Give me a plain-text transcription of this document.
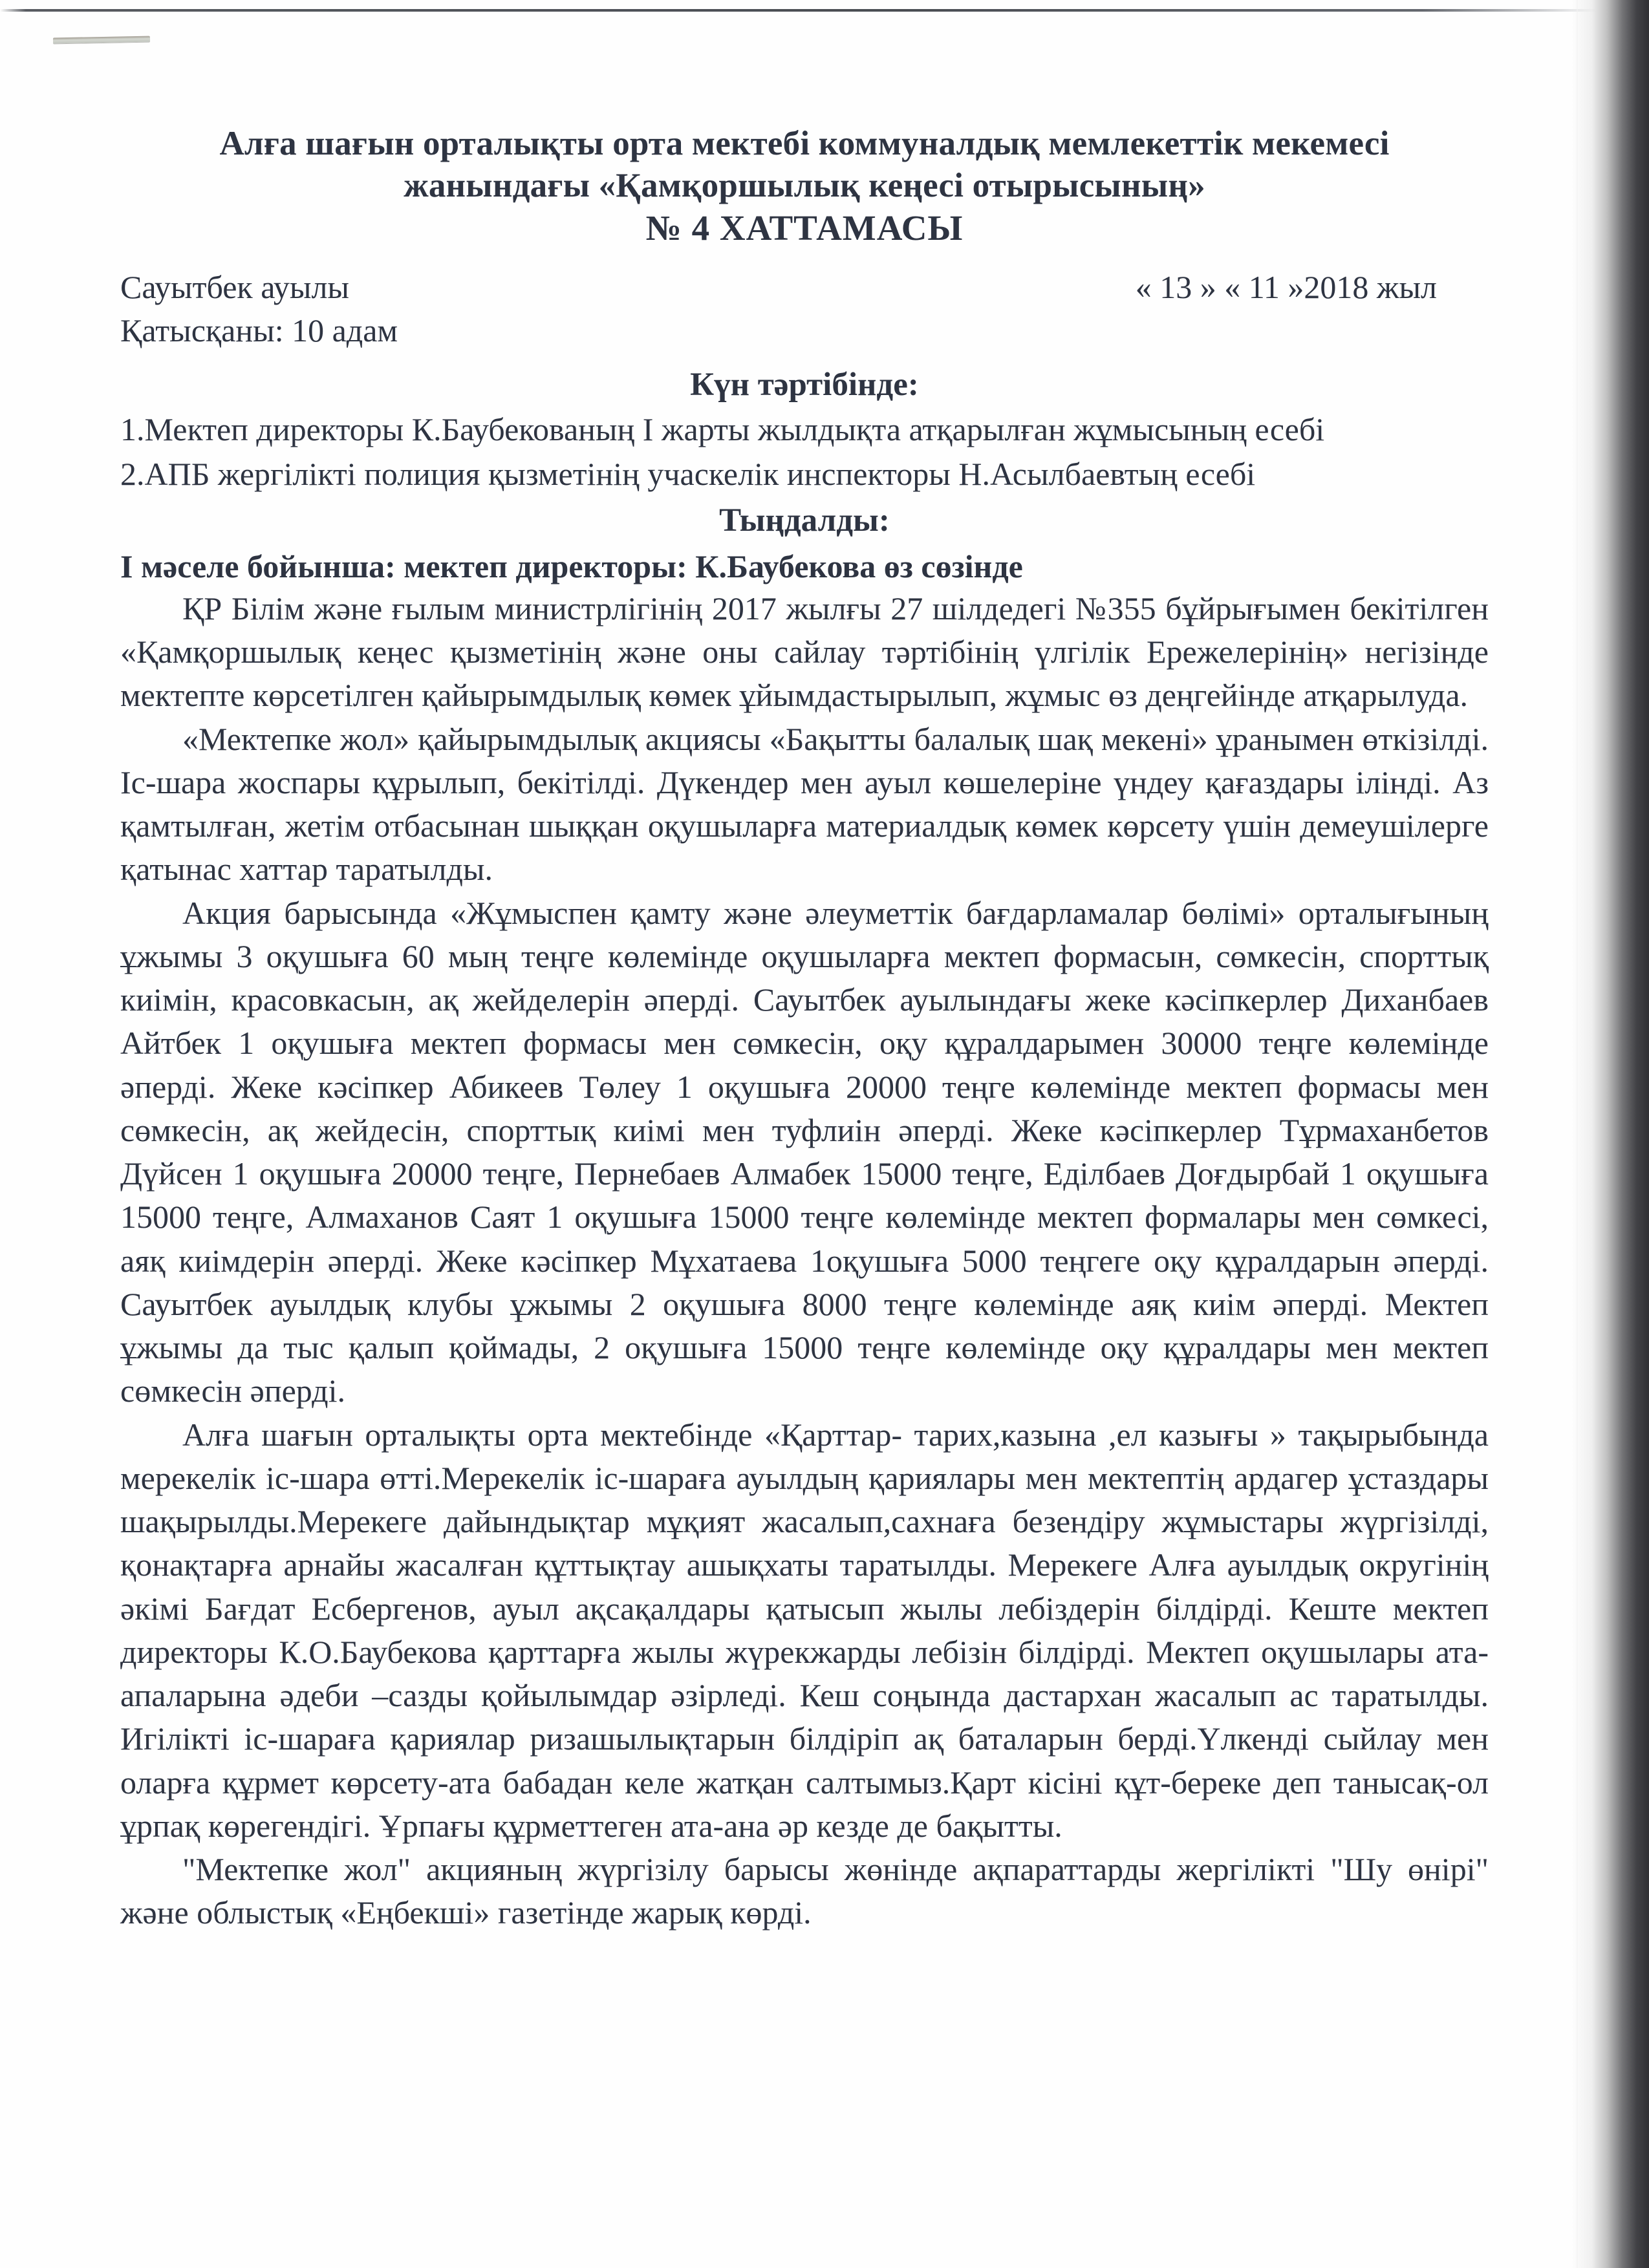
Алға шағын орталықты орта мектебі коммуналдық мемлекеттік мекемесі
жанындағы «Қамқоршылық кеңесі отырысының»
№ 4 ХАТТАМАСЫ
Сауытбек ауылы	« 13 » « 11 »2018 жыл
Қатысқаны: 10 адам
Күн тәртібінде:
1.Мектеп директоры К.Баубекованың I жарты жылдықта атқарылған жұмысының есебі
2.АПБ жергілікті полиция қызметінің учаскелік инспекторы Н.Асылбаевтың есебі
Тыңдалды:
I мәселе бойынша: мектеп директоры: К.Баубекова өз сөзінде

ҚР Білім және ғылым министрлігінің 2017 жылғы 27 шілдедегі №355 бұйрығымен бекітілген «Қамқоршылық кеңес қызметінің және оны сайлау тәртібінің үлгілік Ережелерінің» негізінде мектепте көрсетілген қайырымдылық көмек ұйымдастырылып, жұмыс өз деңгейінде атқарылуда.

«Мектепке жол» қайырымдылық акциясы «Бақытты балалық шақ мекені» ұранымен өткізілді. Іс-шара жоспары құрылып, бекітілді. Дүкендер мен ауыл көшелеріне үндеу қағаздары ілінді. Аз қамтылған, жетім отбасынан шыққан оқушыларға материалдық көмек көрсету үшін демеушілерге қатынас хаттар таратылды.

Акция барысында «Жұмыспен қамту және әлеуметтік бағдарламалар бөлімі» орталығының ұжымы 3 оқушыға 60 мың теңге көлемінде оқушыларға мектеп формасын, сөмкесін, спорттық киімін, красовкасын, ақ жейделерін әперді. Сауытбек ауылындағы жеке кәсіпкерлер Диханбаев Айтбек 1 оқушыға мектеп формасы мен сөмкесін, оқу құралдарымен 30000 теңге көлемінде әперді. Жеке кәсіпкер Абикеев Төлеу 1 оқушыға 20000 теңге көлемінде мектеп формасы мен сөмкесін, ақ жейдесін, спорттық киімі мен туфлиін әперді. Жеке кәсіпкерлер Тұрмаханбетов Дүйсен 1 оқушыға 20000 теңге, Пернебаев Алмабек 15000 теңге, Еділбаев Доғдырбай 1 оқушыға 15000 теңге, Алмаханов Саят 1 оқушыға 15000 теңге көлемінде мектеп формалары мен сөмкесі, аяқ киімдерін әперді. Жеке кәсіпкер Мұхатаева 1оқушыға 5000 теңгеге оқу құралдарын әперді. Сауытбек ауылдық клубы ұжымы 2 оқушыға 8000 теңге көлемінде аяқ киім әперді. Мектеп ұжымы да тыс қалып қоймады, 2 оқушыға 15000 теңге көлемінде оқу құралдары мен мектеп сөмкесін әперді.

Алға шағын орталықты орта мектебінде «Қарттар- тарих,казына ,ел казығы » тақырыбында мерекелік іс-шара өтті.Мерекелік іс-шараға ауылдың қариялары мен мектептің ардагер ұстаздары шақырылды.Мерекеге дайындықтар мұқият жасалып,сахнаға безендіру жұмыстары жүргізілді, қонақтарға арнайы жасалған құттықтау ашықхаты таратылды. Мерекеге Алға ауылдық округінің әкімі Бағдат Есбергенов, ауыл ақсақалдары қатысып жылы лебіздерін білдірді. Кеште мектеп директоры К.О.Баубекова қарттарға жылы жүрекжарды лебізін білдірді. Мектеп оқушылары ата-апаларына әдеби –сазды қойылымдар әзірледі. Кеш соңында дастархан жасалып ас таратылды. Игілікті іс-шараға қариялар ризашылықтарын білдіріп ақ баталарын берді.Үлкенді сыйлау мен оларға құрмет көрсету-ата бабадан келе жатқан салтымыз.Қарт кісіні құт-береке деп танысақ-ол ұрпақ көрегендігі. Ұрпағы құрметтеген ата-ана әр кезде де бақытты.

"Мектепке жол" акцияның жүргізілу барысы жөнінде ақпараттарды жергілікті "Шу өнірі" және облыстық «Еңбекші» газетінде жарық көрді.
